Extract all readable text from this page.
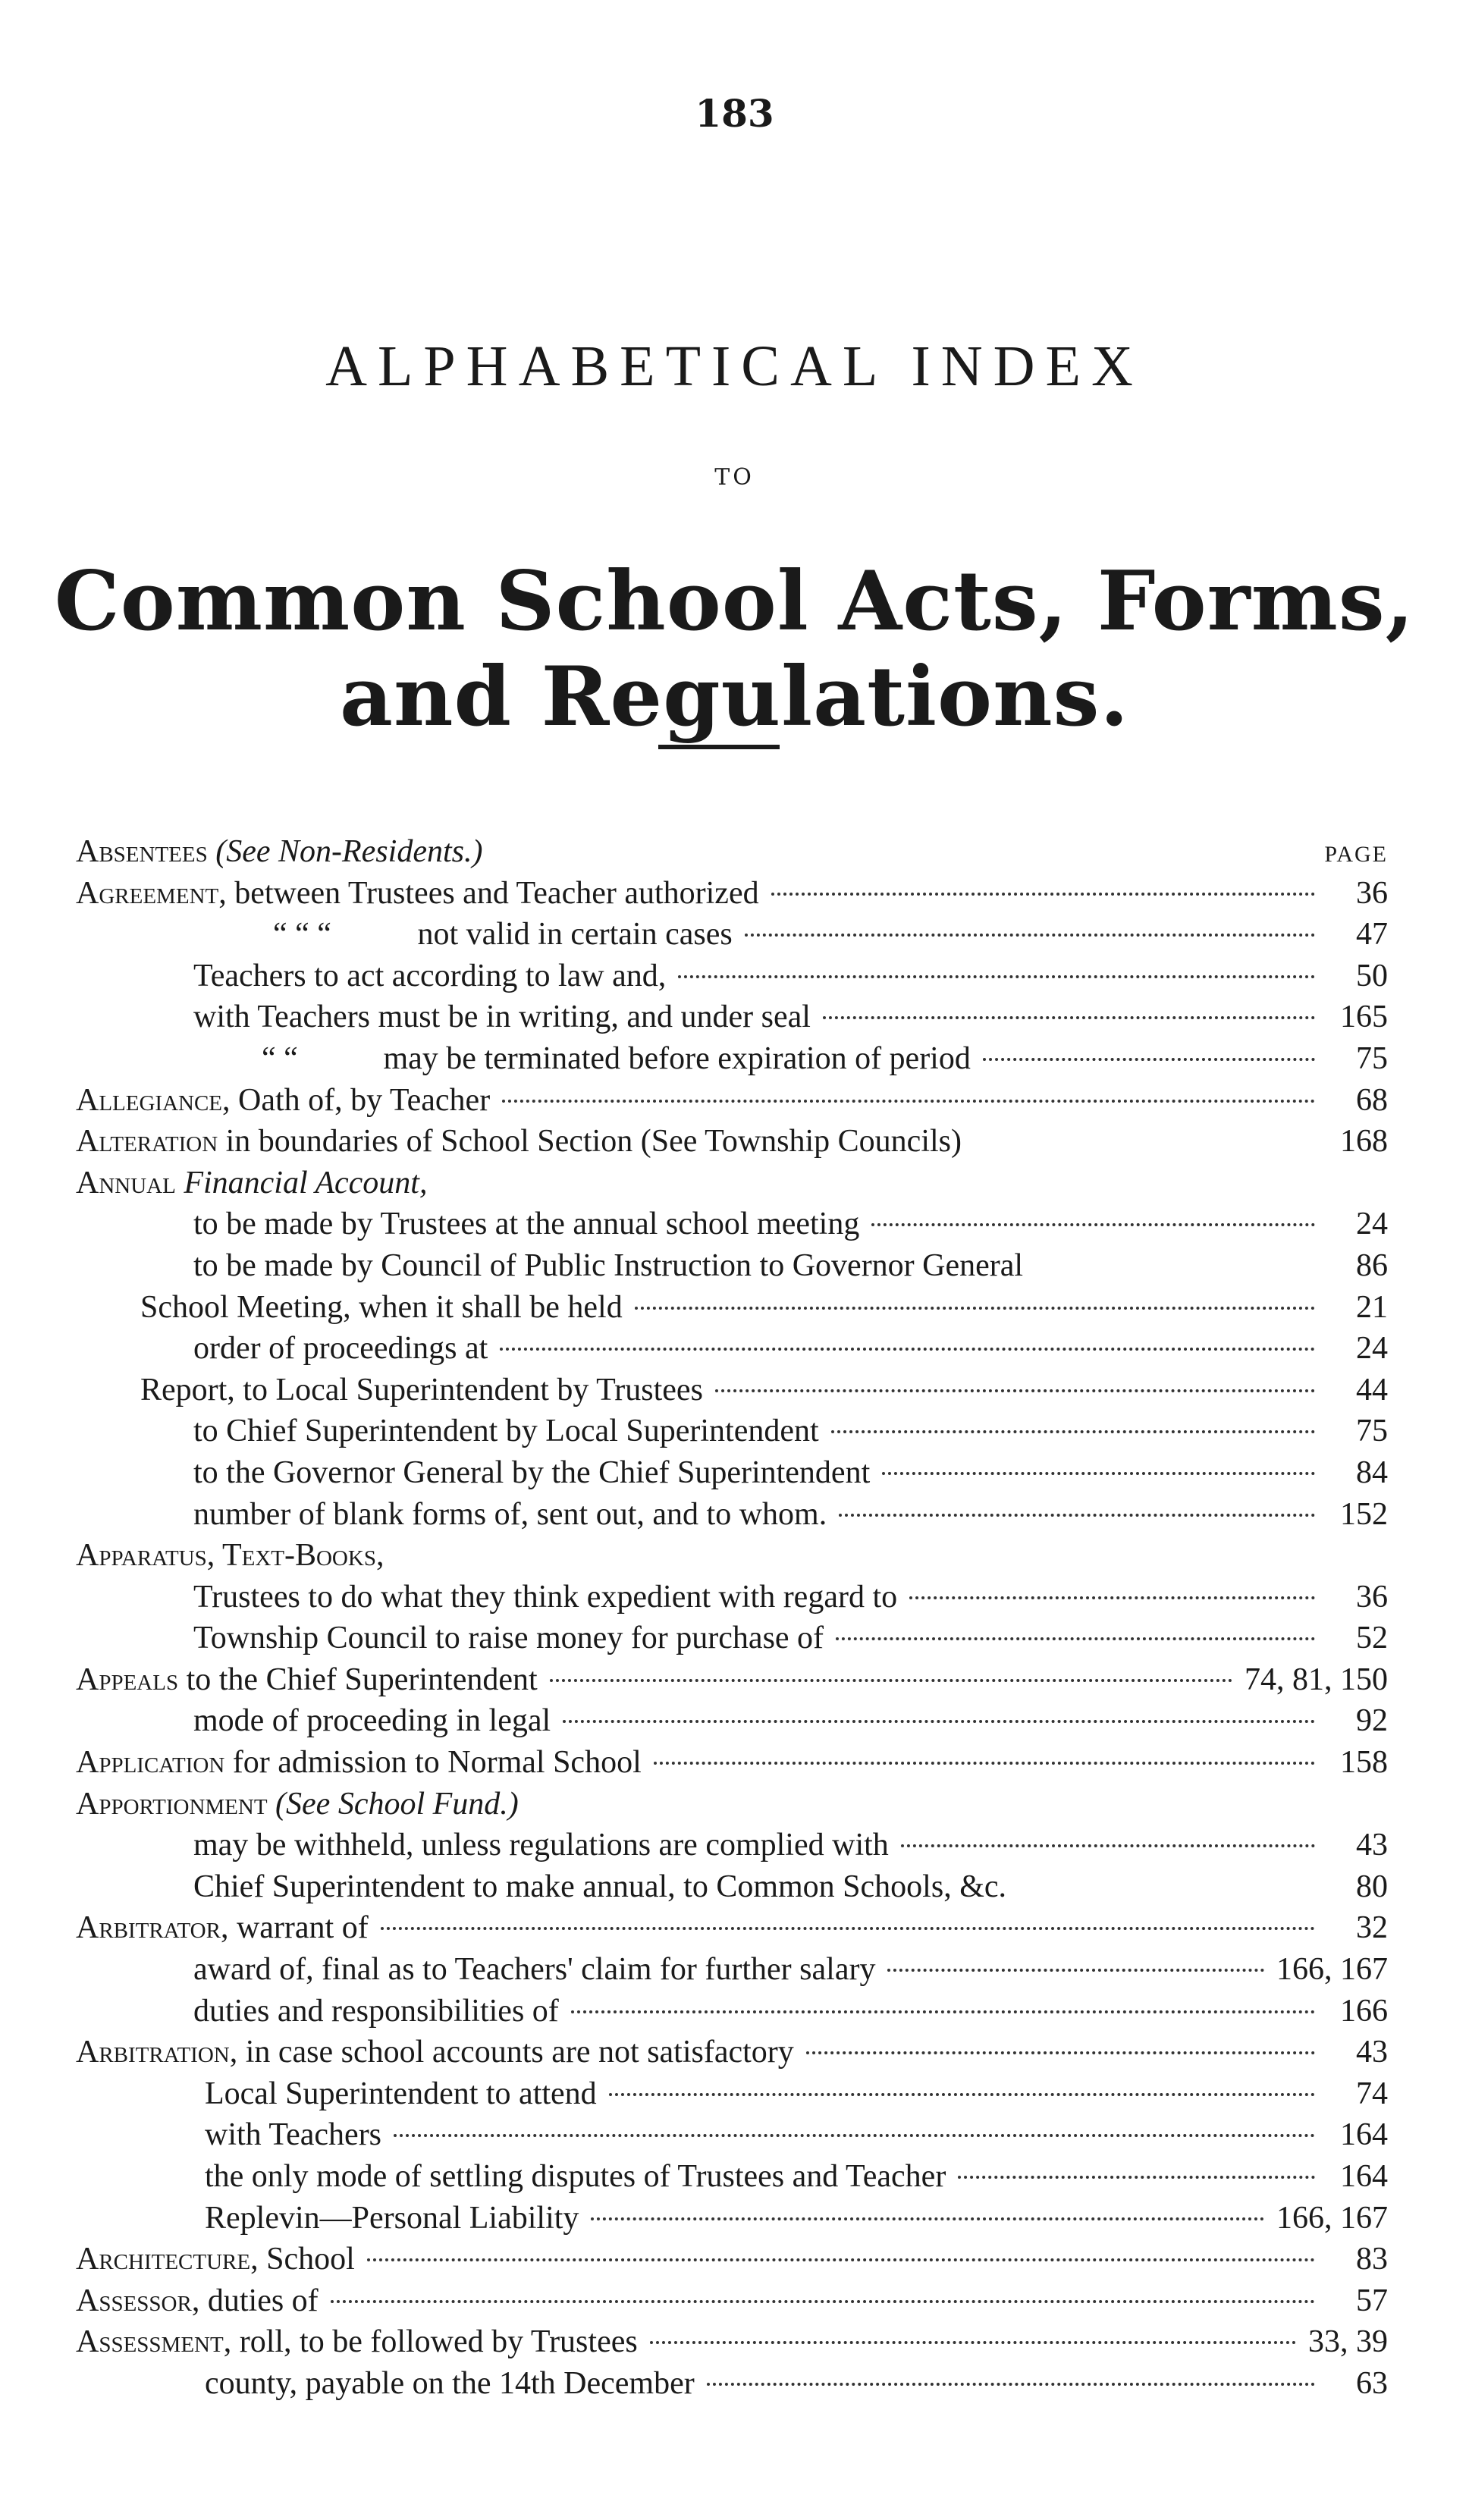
183
ALPHABETICAL INDEX
TO
Common School Acts, Forms, and Regulations.
Absentees (See Non-Residents.)	PAGE
Agreement, between Trustees and Teacher authorized	36
“ “ “	not valid in certain cases	47
Teachers to act according to law and,	50
with Teachers must be in writing, and under seal	165
“ “	may be terminated before expiration of period	75
Allegiance, Oath of, by Teacher	68
Alteration in boundaries of School Section (See Township Councils)	168
Annual Financial Account,
to be made by Trustees at the annual school meeting	24
to be made by Council of Public Instruction to Governor General	86
School Meeting, when it shall be held	21
order of proceedings at	24
Report, to Local Superintendent by Trustees	44
to Chief Superintendent by Local Superintendent	75
to the Governor General by the Chief Superintendent	84
number of blank forms of, sent out, and to whom.	152
Apparatus, Text-Books,
Trustees to do what they think expedient with regard to	36
Township Council to raise money for purchase of	52
Appeals to the Chief Superintendent	74, 81, 150
mode of proceeding in legal	92
Application for admission to Normal School	158
Apportionment (See School Fund.)
may be withheld, unless regulations are complied with	43
Chief Superintendent to make annual, to Common Schools, &c.	80
Arbitrator, warrant of	32
award of, final as to Teachers' claim for further salary	166, 167
duties and responsibilities of	166
Arbitration, in case school accounts are not satisfactory	43
Local Superintendent to attend	74
with Teachers	164
the only mode of settling disputes of Trustees and Teacher	164
Replevin—Personal Liability	166, 167
Architecture, School	83
Assessor, duties of	57
Assessment, roll, to be followed by Trustees	33, 39
county, payable on the 14th December	63
